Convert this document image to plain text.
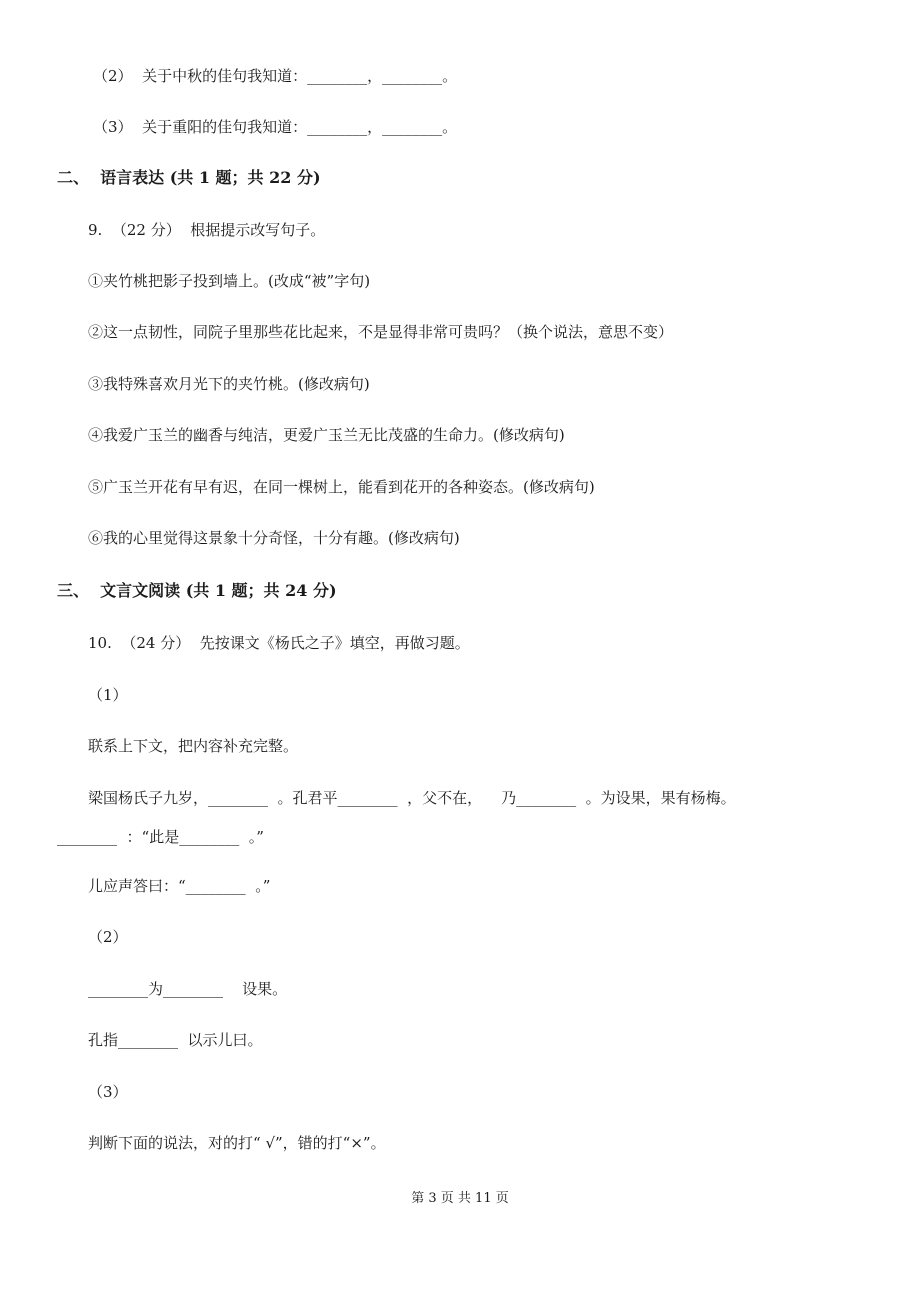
（2）  关于中秋的佳句我知道：________，________。

（3）  关于重阳的佳句我知道：________，________。

二、  语言表达 (共 1 题；共 22 分)

9.  （22 分）  根据提示改写句子。

①夹竹桃把影子投到墙上。(改成“被”字句)

②这一点韧性，同院子里那些花比起来，不是显得非常可贵吗？（换个说法，意思不变）

③我特殊喜欢月光下的夹竹桃。(修改病句)

④我爱广玉兰的幽香与纯洁，更爱广玉兰无比茂盛的生命力。(修改病句)

⑤广玉兰开花有早有迟，在同一棵树上，能看到花开的各种姿态。(修改病句)

⑥我的心里觉得这景象十分奇怪，十分有趣。(修改病句)

三、  文言文阅读 (共 1 题；共 24 分)

10.  （24 分）  先按课文《杨氏之子》填空，再做习题。

（1）

联系上下文，把内容补充完整。

梁国杨氏子九岁，________  。孔君平________  ，父不在，    乃________  。为设果，果有杨梅。

________  ：“此是________  。”

儿应声答曰：“________  。”

（2）

________为________    设果。

孔指________  以示儿曰。

（3）

判断下面的说法，对的打“ √”，错的打“×”。

第 3 页 共 11 页
